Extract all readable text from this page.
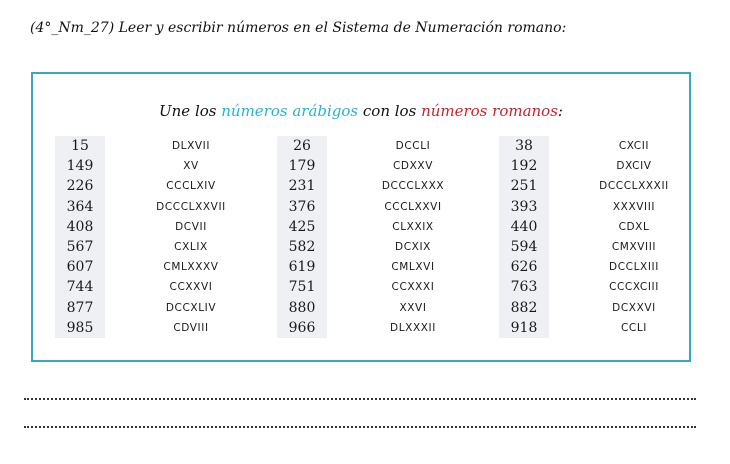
(4°_Nm_27) Leer y escribir números en el Sistema de Numeración romano:
Une los números arábigos con los números romanos:
15
149
226
364
408
567
607
744
877
985
DLXVII
XV
CCCLXIV
DCCCLXXVII
DCVII
CXLIX
CMLXXXV
CCXXVI
DCCXLIV
CDVIII
26
179
231
376
425
582
619
751
880
966
DCCLI
CDXXV
DCCCLXXX
CCCLXXVI
CLXXIX
DCXIX
CMLXVI
CCXXXI
XXVI
DLXXXII
38
192
251
393
440
594
626
763
882
918
CXCII
DXCIV
DCCCLXXXII
XXXVIII
CDXL
CMXVIII
DCCLXIII
CCCXCIII
DCXXVI
CCLI
